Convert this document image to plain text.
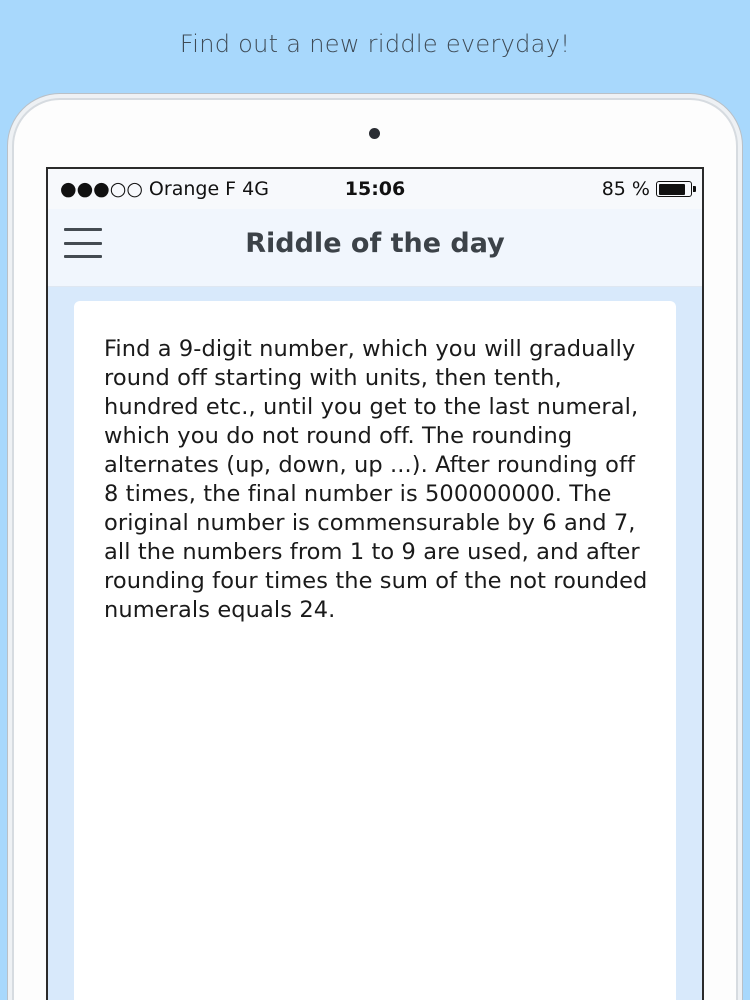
Find out a new riddle everyday!
●●●○○ Orange F 4G	15:06	85 %
Riddle of the day

Find a 9-digit number, which you will gradually round off starting with units, then tenth, hundred etc., until you get to the last numeral, which you do not round off. The rounding alternates (up, down, up ...). After rounding off 8 times, the final number is 500000000. The original number is commensurable by 6 and 7, all the numbers from 1 to 9 are used, and after rounding four times the sum of the not rounded numerals equals 24.
